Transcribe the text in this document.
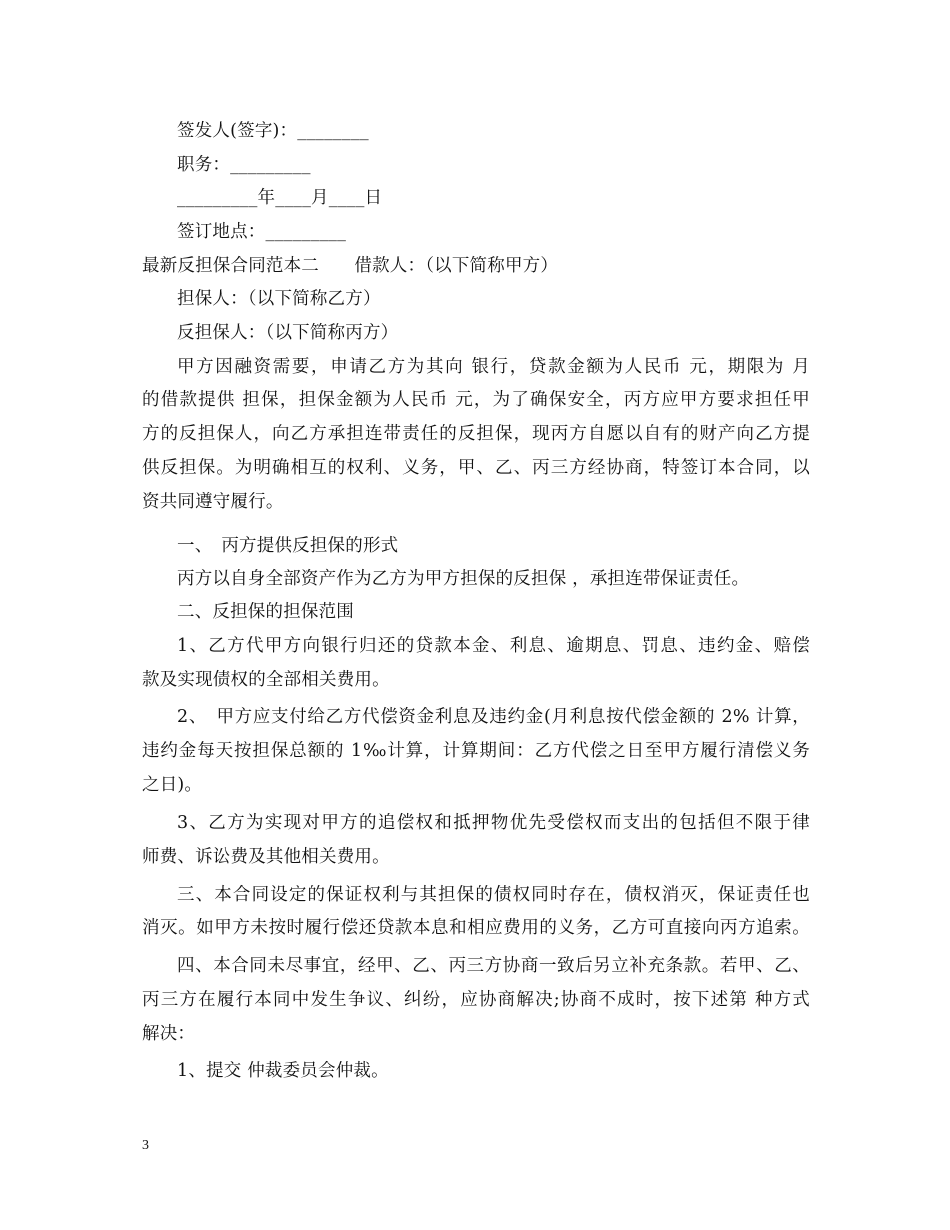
签发人(签字)：________
职务：_________
_________年____月____日
签订地点：_________
最新反担保合同范本二　　借款人：（以下简称甲方）
担保人：（以下简称乙方）
反担保人：（以下简称丙方）
甲方因融资需要，申请乙方为其向 银行，贷款金额为人民币 元，期限为 月
的借款提供 担保，担保金额为人民币 元，为了确保安全，丙方应甲方要求担任甲
方的反担保人，向乙方承担连带责任的反担保，现丙方自愿以自有的财产向乙方提
供反担保。为明确相互的权利、义务，甲、乙、丙三方经协商，特签订本合同，以
资共同遵守履行。
一、　丙方提供反担保的形式
丙方以自身全部资产作为乙方为甲方担保的反担保 ，承担连带保证责任。
二、反担保的担保范围
1、乙方代甲方向银行归还的贷款本金、利息、逾期息、罚息、违约金、赔偿
款及实现债权的全部相关费用。
2、　甲方应支付给乙方代偿资金利息及违约金(月利息按代偿金额的 2% 计算，
违约金每天按担保总额的 1‰计算，计算期间：乙方代偿之日至甲方履行清偿义务
之日)。
3、乙方为实现对甲方的追偿权和抵押物优先受偿权而支出的包括但不限于律
师费、诉讼费及其他相关费用。
三、本合同设定的保证权利与其担保的债权同时存在，债权消灭，保证责任也
消灭。如甲方未按时履行偿还贷款本息和相应费用的义务，乙方可直接向丙方追索。
四、本合同未尽事宜，经甲、乙、丙三方协商一致后另立补充条款。若甲、乙、
丙三方在履行本同中发生争议、纠纷，应协商解决;协商不成时，按下述第 种方式
解决：
1、提交 仲裁委员会仲裁。
3
